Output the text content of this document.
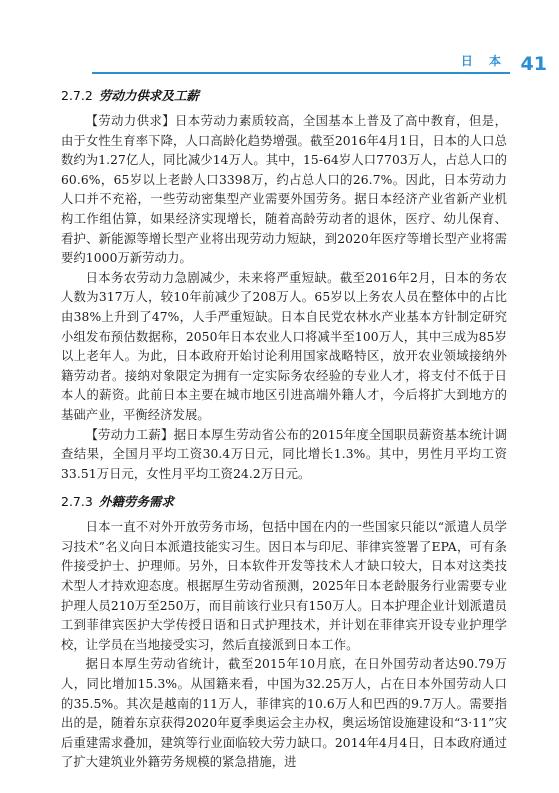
日 本 41
2.7.2 劳动力供求及工薪

【劳动力供求】日本劳动力素质较高，全国基本上普及了高中教育，但是，由于女性生育率下降，人口高龄化趋势增强。截至2016年4月1日，日本的人口总数约为1.27亿人，同比减少14万人。其中，15-64岁人口7703万人，占总人口的60.6%，65岁以上老龄人口3398万，约占总人口的26.7%。因此，日本劳动力人口并不充裕，一些劳动密集型产业需要外国劳务。据日本经济产业省新产业机构工作组估算，如果经济实现增长，随着高龄劳动者的退休，医疗、幼儿保育、看护、新能源等增长型产业将出现劳动力短缺，到2020年医疗等增长型产业将需要约1000万新劳动力。

日本务农劳动力急剧减少，未来将严重短缺。截至2016年2月，日本的务农人数为317万人，较10年前减少了208万人。65岁以上务农人员在整体中的占比由38%上升到了47%，人手严重短缺。日本自民党农林水产业基本方针制定研究小组发布预估数据称，2050年日本农业人口将减半至100万人，其中三成为85岁以上老年人。为此，日本政府开始讨论利用国家战略特区，放开农业领域接纳外籍劳动者。接纳对象限定为拥有一定实际务农经验的专业人才，将支付不低于日本人的薪资。此前日本主要在城市地区引进高端外籍人才，今后将扩大到地方的基础产业，平衡经济发展。

【劳动力工薪】据日本厚生劳动省公布的2015年度全国职员薪资基本统计调查结果，全国月平均工资30.4万日元，同比增长1.3%。其中，男性月平均工资33.51万日元，女性月平均工资24.2万日元。

2.7.3 外籍劳务需求

日本一直不对外开放劳务市场，包括中国在内的一些国家只能以“派遣人员学习技术”名义向日本派遣技能实习生。因日本与印尼、菲律宾签署了EPA，可有条件接受护士、护理师。另外，日本软件开发等技术人才缺口较大，日本对这类技术型人才持欢迎态度。根据厚生劳动省预测，2025年日本老龄服务行业需要专业护理人员210万至250万，而目前该行业只有150万人。日本护理企业计划派遣员工到菲律宾医护大学传授日语和日式护理技术，并计划在菲律宾开设专业护理学校，让学员在当地接受实习，然后直接派到日本工作。

据日本厚生劳动省统计，截至2015年10月底，在日外国劳动者达90.79万人，同比增加15.3%。从国籍来看，中国为32.25万人，占在日本外国劳动人口的35.5%。其次是越南的11万人，菲律宾的10.6万人和巴西的9.7万人。需要指出的是，随着东京获得2020年夏季奥运会主办权，奥运场馆设施建设和“3·11”灾后重建需求叠加，建筑等行业面临较大劳力缺口。2014年4月4日，日本政府通过了扩大建筑业外籍劳务规模的紧急措施，进
